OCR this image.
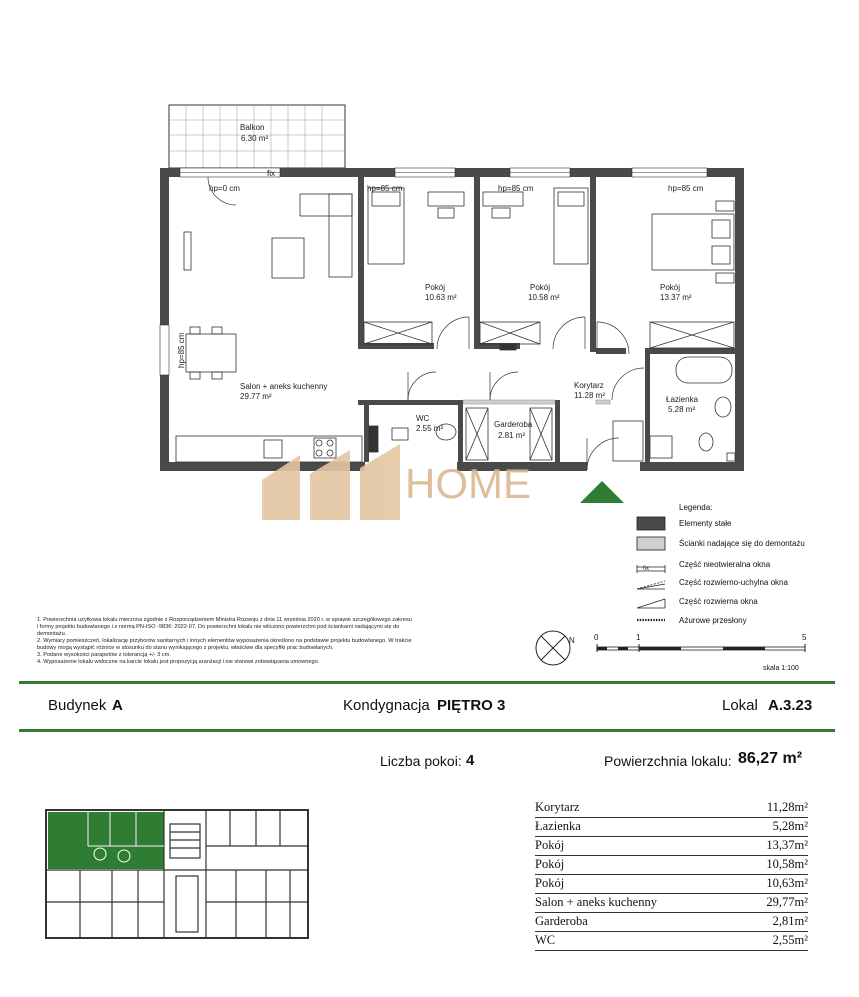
HOME
hp=0 cm
fix
hp=85 cm	hp=85 cm	hp=85 cm
hp=85 cm
Balkon
6.30 m²
Pokój
10.63 m²
Pokój
10.58 m²
Pokój
13.37 m²
Salon + aneks kuchenny
29.77 m²
Korytarz
11.28 m²	Łazienka
5.28 m²
WC
2.55 m²	Garderoba
2.81 m²
Legenda:
fix
Elementy stałe
Ścianki nadające się do demontażu
Część nieotwieralna okna
Część rozwierno-uchylna okna
Część rozwierna okna
Ażurowe przesłony
1. Powierzchnia użytkowa lokalu mierzona zgodnie z Rozporządzeniem Ministra Rozwoju z dnia 11 września 2020 r. w sprawie szczegółowego zakresu
i formy projektu budowlanego i z normą PN-ISO -9836: 2022-07. Do powierzchni lokalu nie wliczono powierzchni pod ściankami nadającymi się do
demontażu.
2. Wymiary pomieszczeń, lokalizację przyborów sanitarnych i innych elementów wyposażenia określono na podstawie projektu budowlanego. W trakcie
budowy mogą wystąpić różnice w stosunku do stanu wynikającego z projektu, właściwe dla specyfiki prac budowlanych.
3. Podane wysokości parapetów z tolerancją +/- 3 cm.
4. Wyposażenie lokalu widoczne na karcie lokalu jest propozycją aranżacji i nie stanowi zobowiązania umownego.
N 0	1	5
skala 1:100
Budynek A	Kondygnacja PIĘTRO 3	Lokal A.3.23
Liczba pokoi: 4	Powierzchnia lokalu: 86,27 m²
Korytarz	11,28m²
Łazienka	5,28m²
Pokój	13,37m²
Pokój	10,58m²
Pokój	10,63m²
Salon + aneks kuchenny	29,77m²
Garderoba	2,81m²
WC	2,55m²
